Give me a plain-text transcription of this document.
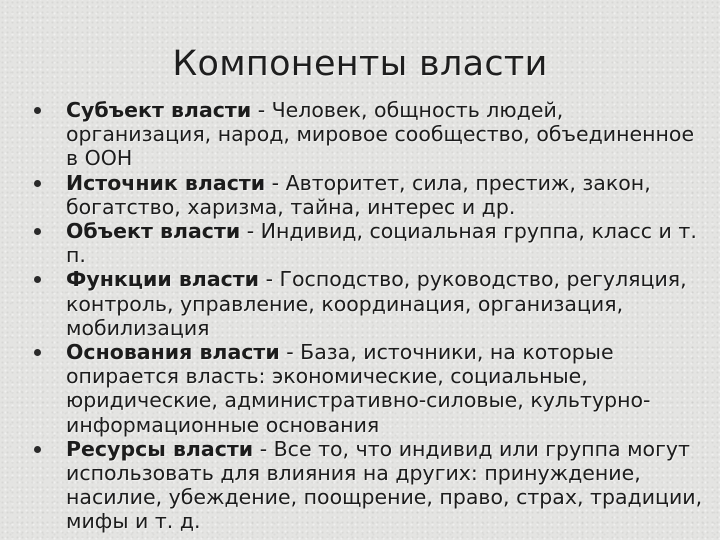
Компоненты власти
Субъект власти - Человек, общность людей, организация, народ, мировое сообщество, объединенное в ООН
Источник власти - Авторитет, сила, престиж, закон, богатство, харизма, тайна, интерес и др.
Объект власти - Индивид, социальная группа, класс и т. п.
Функции власти - Господство, руководство, регуляция, контроль, управление, координация, организация, мобилизация
Основания власти - База, источники, на которые опирается власть: экономические, социальные, юридические, административно-силовые, культурно-информационные основания
Ресурсы власти - Все то, что индивид или группа могут использовать для влияния на других: принуждение, насилие, убеждение, поощрение, право, страх, традиции, мифы и т. д.
